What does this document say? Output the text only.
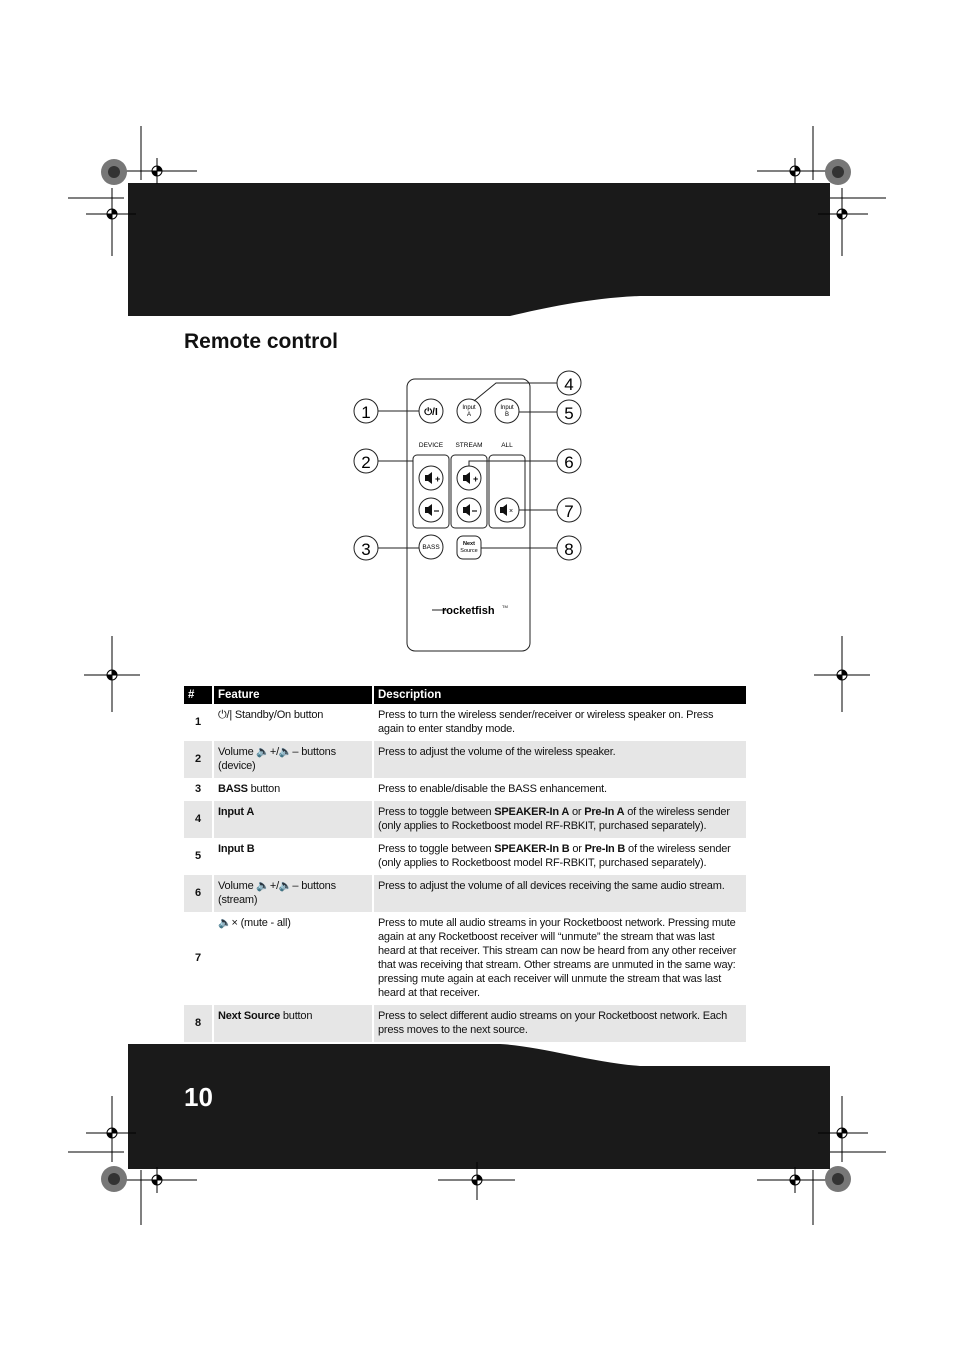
Remote control
⏻/I	Input
A
Input
B
DEVICE STREAM	ALL
+	+
×
BASS	Next
Source
rocketfish TM
1
2
3
4
5
6
7
8
#	Feature	Description
1	⏻/| Standby/On button	Press to turn the wireless sender/receiver or wireless speaker on. Press again to enter standby mode.
2	Volume 🔈+/🔈– buttons (device)	Press to adjust the volume of the wireless speaker.
3	BASS button	Press to enable/disable the BASS enhancement.
4	Input A	Press to toggle between SPEAKER-In A or Pre-In A of the wireless sender (only applies to Rocketboost model RF-RBKIT, purchased separately).
5	Input B	Press to toggle between SPEAKER-In B or Pre-In B of the wireless sender (only applies to Rocketboost model RF-RBKIT, purchased separately).
6	Volume 🔈+/🔈– buttons (stream)	Press to adjust the volume of all devices receiving the same audio stream.
7	🔈× (mute - all)	Press to mute all audio streams in your Rocketboost network. Pressing mute again at any Rocketboost receiver will “unmute” the stream that was last heard at that receiver. This stream can now be heard from any other receiver that was receiving that stream. Other streams are unmuted in the same way: pressing mute again at each receiver will unmute the stream that was last heard at that receiver.
8	Next Source button	Press to select different audio streams on your Rocketboost network. Each press moves to the next source.
10
